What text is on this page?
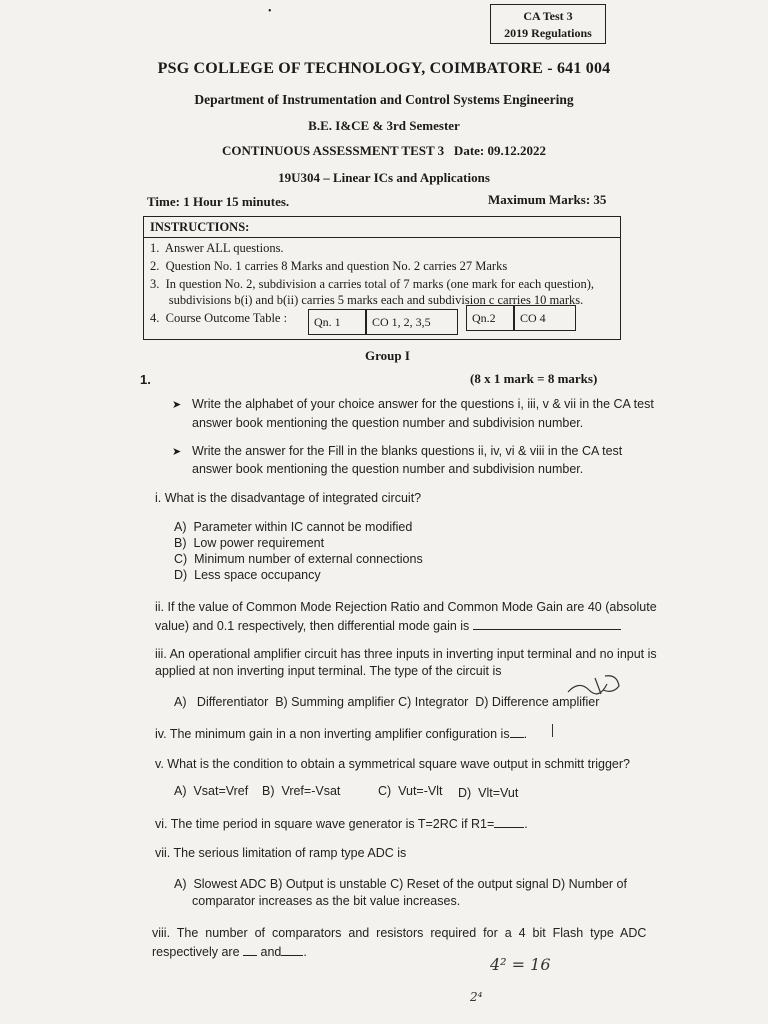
CA Test 3
2019 Regulations
•
PSG COLLEGE OF TECHNOLOGY, COIMBATORE - 641 004
Department of Instrumentation and Control Systems Engineering
B.E. I&CE & 3rd Semester
CONTINUOUS ASSESSMENT TEST 3   Date: 09.12.2022
19U304 – Linear ICs and Applications
Time: 1 Hour 15 minutes.	Maximum Marks: 35
INSTRUCTIONS:
1.  Answer ALL questions.
2.  Question No. 1 carries 8 Marks and question No. 2 carries 27 Marks
3.  In question No. 2, subdivision a carries total of 7 marks (one mark for each question),
subdivisions b(i) and b(ii) carries 5 marks each and subdivision c carries 10 marks.
4.  Course Outcome Table :	Qn. 1	CO 1, 2, 3,5	Qn.2	CO 4
Group I
1.	(8 x 1 mark = 8 marks)
➤ Write the alphabet of your choice answer for the questions i, iii, v & vii in the CA test
answer book mentioning the question number and subdivision number.
➤ Write the answer for the Fill in the blanks questions ii, iv, vi & viii in the CA test
answer book mentioning the question number and subdivision number.
i. What is the disadvantage of integrated circuit?
A)  Parameter within IC cannot be modified
B)  Low power requirement
C)  Minimum number of external connections
D)  Less space occupancy
ii. If the value of Common Mode Rejection Ratio and Common Mode Gain are 40 (absolute
value) and 0.1 respectively, then differential mode gain is
iii. An operational amplifier circuit has three inputs in inverting input terminal and no input is
applied at non inverting input terminal. The type of the circuit is
A)   Differentiator  B) Summing amplifier C) Integrator  D) Difference amplifier
iv. The minimum gain in a non inverting amplifier configuration is .
v. What is the condition to obtain a symmetrical square wave output in schmitt trigger?
A)  Vsat=Vref B)  Vref=-Vsat	C)  Vut=-Vlt D)  Vlt=Vut
vi. The time period in square wave generator is T=2RC if R1= .
vii. The serious limitation of ramp type ADC is
A)  Slowest ADC B) Output is unstable C) Reset of the output signal D) Number of
comparator increases as the bit value increases.
viii.  The  number  of  comparators  and  resistors  required  for  a  4  bit  Flash  type  ADC
respectively are and .
4² = 16
2⁴
